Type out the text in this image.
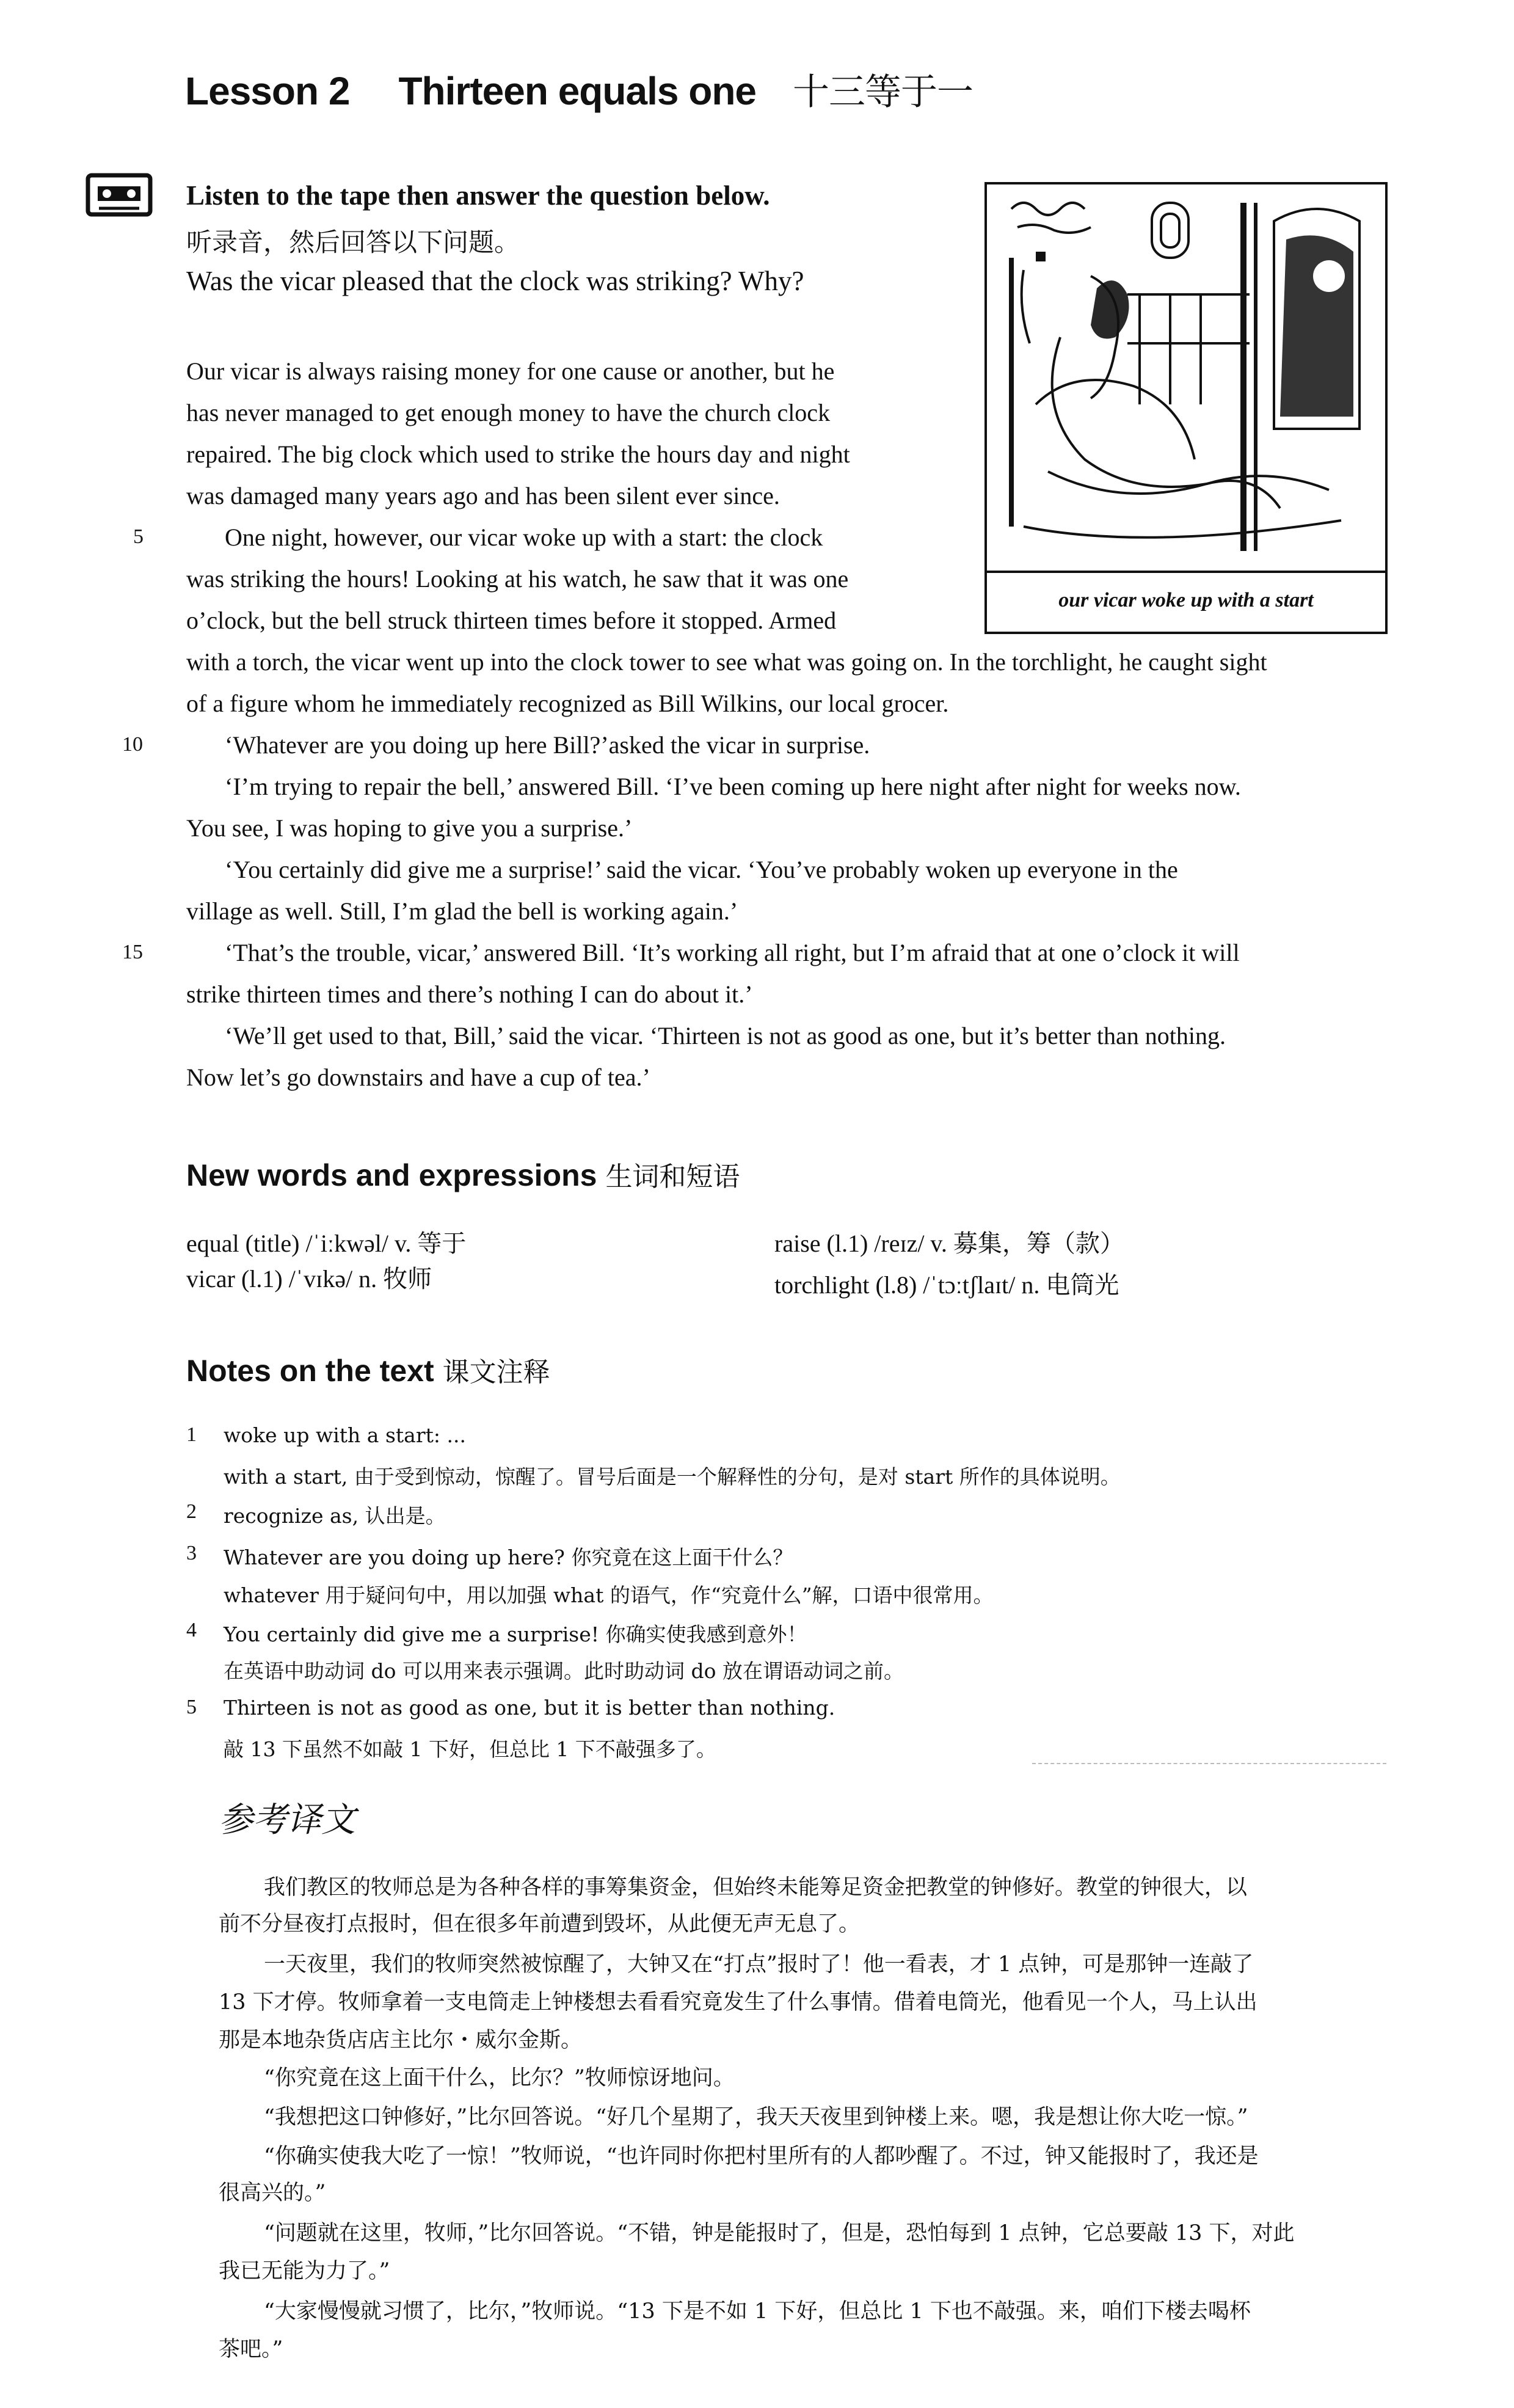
Lesson 2 Thirteen equals one 十三等于一
Listen to the tape then answer the question below.
听录音，然后回答以下问题。
Was the vicar pleased that the clock was striking? Why?
our vicar woke up with a start
Our vicar is always raising money for one cause or another, but he
has never managed to get enough money to have the church clock
repaired. The big clock which used to strike the hours day and night
was damaged many years ago and has been silent ever since.
5	One night, however, our vicar woke up with a start: the clock
was striking the hours! Looking at his watch, he saw that it was one
o’clock, but the bell struck thirteen times before it stopped. Armed
with a torch, the vicar went up into the clock tower to see what was going on. In the torchlight, he caught sight
of a figure whom he immediately recognized as Bill Wilkins, our local grocer.
10	‘Whatever are you doing up here Bill?’asked the vicar in surprise.
‘I’m trying to repair the bell,’ answered Bill. ‘I’ve been coming up here night after night for weeks now.
You see, I was hoping to give you a surprise.’
‘You certainly did give me a surprise!’ said the vicar. ‘You’ve probably woken up everyone in the
village as well. Still, I’m glad the bell is working again.’
15	‘That’s the trouble, vicar,’ answered Bill. ‘It’s working all right, but I’m afraid that at one o’clock it will
strike thirteen times and there’s nothing I can do about it.’
‘We’ll get used to that, Bill,’ said the vicar. ‘Thirteen is not as good as one, but it’s better than nothing.
Now let’s go downstairs and have a cup of tea.’
New words and expressions 生词和短语
equal (title) /ˈiːkwəl/ v. 等于
vicar (l.1) /ˈvɪkə/ n. 牧师
raise (l.1) /reɪz/ v. 募集，筹（款）
torchlight (l.8) /ˈtɔːtʃlaɪt/ n. 电筒光
Notes on the text 课文注释
1 woke up with a start: ...
with a start, 由于受到惊动，惊醒了。冒号后面是一个解释性的分句，是对 start 所作的具体说明。
2 recognize as, 认出是。
3 Whatever are you doing up here? 你究竟在这上面干什么？
whatever 用于疑问句中，用以加强 what 的语气，作“究竟什么”解，口语中很常用。
4 You certainly did give me a surprise! 你确实使我感到意外！
在英语中助动词 do 可以用来表示强调。此时助动词 do 放在谓语动词之前。
5 Thirteen is not as good as one, but it is better than nothing.
敲 13 下虽然不如敲 1 下好，但总比 1 下不敲强多了。
参考译文
我们教区的牧师总是为各种各样的事筹集资金，但始终未能筹足资金把教堂的钟修好。教堂的钟很大，以
前不分昼夜打点报时，但在很多年前遭到毁坏，从此便无声无息了。
一天夜里，我们的牧师突然被惊醒了，大钟又在“打点”报时了！他一看表，才 1 点钟，可是那钟一连敲了
13 下才停。牧师拿着一支电筒走上钟楼想去看看究竟发生了什么事情。借着电筒光，他看见一个人，马上认出
那是本地杂货店店主比尔・威尔金斯。
“你究竟在这上面干什么，比尔？”牧师惊讶地问。
“我想把这口钟修好，”比尔回答说。“好几个星期了，我天天夜里到钟楼上来。嗯，我是想让你大吃一惊。”
“你确实使我大吃了一惊！”牧师说，“也许同时你把村里所有的人都吵醒了。不过，钟又能报时了，我还是
很高兴的。”
“问题就在这里，牧师，”比尔回答说。“不错，钟是能报时了，但是，恐怕每到 1 点钟，它总要敲 13 下，对此
我已无能为力了。”
“大家慢慢就习惯了，比尔，”牧师说。“13 下是不如 1 下好，但总比 1 下也不敲强。来，咱们下楼去喝杯
茶吧。”
